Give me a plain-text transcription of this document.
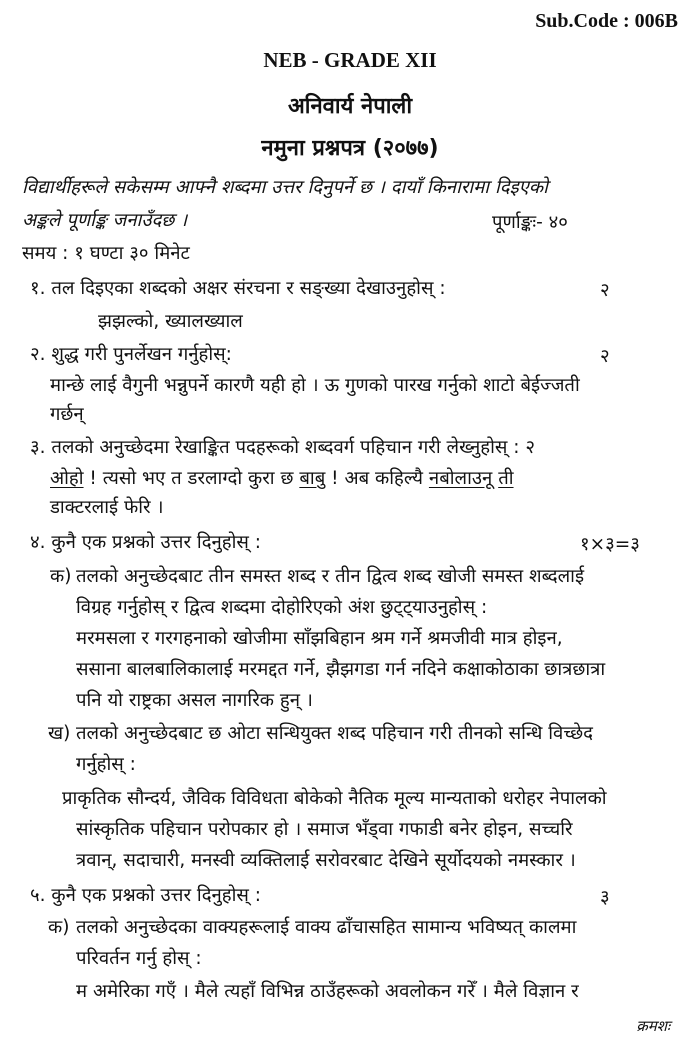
Sub.Code : 006B
NEB - GRADE XII
अनिवार्य नेपाली
नमुना प्रश्नपत्र (२०७७)
विद्यार्थीहरूले सकेसम्म आफ्नै शब्दमा उत्तर दिनुपर्ने छ । दायाँ किनारामा दिइएको
अङ्कले पूर्णाङ्क जनाउँदछ ।	पूर्णाङ्कः- ४०
समय : १ घण्टा ३० मिनेट
१. तल दिइएका शब्दको अक्षर संरचना र सङ्ख्या देखाउनुहोस् :	२
झझल्को, ख्यालख्याल
२. शुद्ध गरी पुनर्लेखन गर्नुहोस्:	२
मान्छे लाई वैगुनी भन्नुपर्ने कारणै यही हो । ऊ गुणको पारख गर्नुको शाटो बेईज्जती
गर्छन्
३. तलको अनुच्छेदमा रेखाङ्कित पदहरूको शब्दवर्ग पहिचान गरी लेख्नुहोस् : २
ओहो ! त्यसो भए त डरलाग्दो कुरा छ बाबु ! अब कहिल्यै नबोलाउनू ती
डाक्टरलाई फेरि ।
४. कुनै एक प्रश्नको उत्तर दिनुहोस् :	१×३=३
क) तलको अनुच्छेदबाट तीन समस्त शब्द र तीन द्वित्व शब्द खोजी समस्त शब्दलाई
विग्रह गर्नुहोस् र द्वित्व शब्दमा दोहोरिएको अंश छुट्ट्याउनुहोस् :
मरमसला र गरगहनाको खोजीमा साँझबिहान श्रम गर्ने श्रमजीवी मात्र होइन,
ससाना बालबालिकालाई मरमद्दत गर्ने, झैझगडा गर्न नदिने कक्षाकोठाका छात्रछात्रा
पनि यो राष्ट्रका असल नागरिक हुन् ।
ख) तलको अनुच्छेदबाट छ ओटा सन्धियुक्त शब्द पहिचान गरी तीनको सन्धि विच्छेद
गर्नुहोस् :
प्राकृतिक सौन्दर्य, जैविक विविधता बोकेको नैतिक मूल्य मान्यताको धरोहर नेपालको
सांस्कृतिक पहिचान परोपकार हो । समाज भँड्वा गफाडी बनेर होइन, सच्चरि
त्रवान्, सदाचारी, मनस्वी व्यक्तिलाई सरोवरबाट देखिने सूर्योदयको नमस्कार ।
५. कुनै एक प्रश्नको उत्तर दिनुहोस् :	३
क) तलको अनुच्छेदका वाक्यहरूलाई वाक्य ढाँचासहित सामान्य भविष्यत् कालमा
परिवर्तन गर्नु होस् :
म अमेरिका गएँ । मैले त्यहाँ विभिन्न ठाउँहरूको अवलोकन गरेँ । मैले विज्ञान र
क्रमशः
